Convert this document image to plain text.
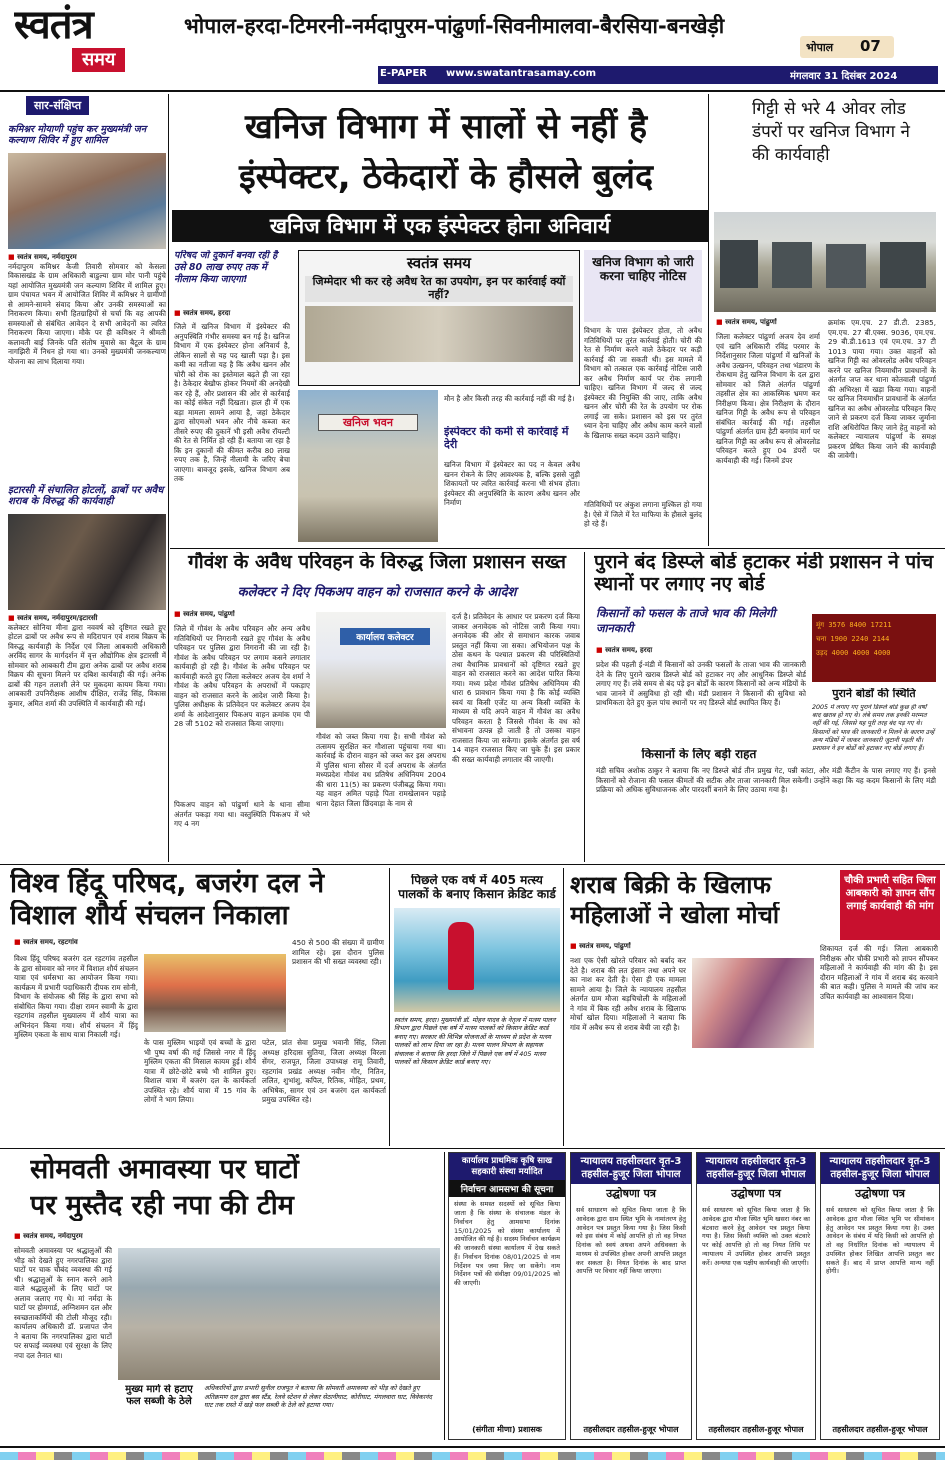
स्वतंत्र
समय
भोपाल-हरदा-टिमरनी-नर्मदापुरम-पांढुर्णा-सिवनीमालवा-बैरसिया-बनखेड़ी
भोपाल 07
E-PAPER www.swatantrasamay.com	मंगलवार 31 दिसंबर 2024
सार-संक्षिप्त
कमिश्नर मोयाणी पहुंच कर मुख्यमंत्री जन कल्याण शिविर में हुए शामिल
■ स्वतंत्र समय, नर्मदापुरम
नर्मदापुरम कमिश्नर केजी तिवारी सोमवार को केसला विकासखंड के ग्राम अधिकारी बाडुल्या ग्राम मोर पानी पहुंचे यहां आयोजित मुख्यमंत्री जन कल्याण शिविर में शामिल हुए। ग्राम पंचायत भवन में आयोजित शिविर में कमिश्नर ने ग्रामीणों से आमने-सामने संवाद किया और उनकी समस्याओं का निराकरण किया। सभी हितग्राहियों से चर्चा कि वह आपकी समस्याओं से संबंधित आवेदन दे सभी आवेदनों का त्वरित निराकरण किया जाएगा। मौके पर ही कमिश्नर ने श्रीमती कलावती बाई जिनके पति संतोष मुवासे का बैटूल के ग्राम नागझिरी में निधन हो गया था। उनको मुख्यमंत्री जनकल्याण योजना का लाभ दिलाया गया।
इटारसी में संचालित होटलों, ढाबों पर अवैध शराब के विरुद्ध की कार्यवाही
■ स्वतंत्र समय, नर्मदापुरम/इटारसी
कलेक्टर सोनिया मीना द्वारा नववर्ष को दृष्टिगत रखते हुए होटल ढाबों पर अवैध रूप से मदिरापान एवं शराब विक्रय के विरुद्ध कार्यवाही के निर्देश एवं जिला आबकारी अधिकारी अरविंद सागर के मार्गदर्शन में वृत्त औद्योगिक क्षेत्र इटारसी में सोमवार को आबकारी टीम द्वारा अनेक ढाबों पर अवैध शराब विक्रय की सूचना मिलने पर दबिश कार्यवाही की गई। अनेक ढाबों की गहन तलाशी लेने पर मुकदमा कायम किया गया। आबकारी उपनिरीक्षक आशीष दीक्षित, राजेंद्र सिंह, विकास कुमार, अमित शर्मा की उपस्थिति में कार्यवाही की गई।
खनिज विभाग में सालों से नहीं है
इंस्पेक्टर, ठेकेदारों के हौसले बुलंद
खनिज विभाग में एक इंस्पेक्टर होना अनिवार्य
परिषद जो दुकानें बनवा रही है उसे 80 लाख रुपए तक में नीलाम किया जाएगा!
■ स्वतंत्र समय, हरदा
जिले में खनिज विभाग में इंस्पेक्टर की अनुपस्थिति गंभीर समस्या बन गई है। खनिज विभाग में एक इंस्पेक्टर होना अनिवार्य है, लेकिन सालों से यह पद खाली पड़ा है। इस कमी का नतीजा यह है कि अवैध खनन और चोरी को रोक का इस्तेमाल बढ़ते ही जा रहा है। ठेकेदार बेखौफ होकर नियमों की अनदेखी कर रहे हैं, और प्रशासन की ओर से कार्रवाई का कोई संकेत नहीं दिखता। हाल ही में एक बड़ा मामला सामने आया है, जहां ठेकेदार द्वारा सोएमओ भवन और नीचे कब्जा कर तीसरे रुपए की दुकानें भी इसी अवैध रॉयल्टी की रेत से निर्मित हो रही हैं। बताया जा रहा है कि इन दुकानों की कीमत करीब 80 लाख रुपए तक है, जिन्हें नीलामी के जरिए बेचा जाएगा। बावजूद इसके, खनिज विभाग अब तक
स्वतंत्र समय
जिम्मेदार भी कर रहे अवैध रेत का उपयोग, इन पर कार्रवाई क्यों नहीं?
खनिज भवन
मौन है और किसी तरह की कार्रवाई नहीं की गई है।
इंस्पेक्टर की कमी से कार्रवाई में देरी
खनिज विभाग में इंस्पेक्टर का पद न केवल अवैध खनन रोकने के लिए आवश्यक है, बल्कि इससे जुड़ी शिकायतों पर त्वरित कार्रवाई करना भी संभव होता। इंस्पेक्टर की अनुपस्थिति के कारण अवैध खनन और निर्माण
खनिज विभाग को जारी करना चाहिए नोटिस
विभाग के पास इंस्पेक्टर होता, तो अवैध गतिविधियों पर तुरंत कार्रवाई होती। चोरी की रेत से निर्माण करने वाले ठेकेदार पर कड़ी कार्रवाई की जा सकती थी। इस मामले में विभाग को तत्काल एक कार्रवाई नोटिस जारी कर अवैध निर्माण कार्य पर रोक लगानी चाहिए। खनिज विभाग में जल्द से जल्द इंस्पेक्टर की नियुक्ति की जाए, ताकि अवैध खनन और चोरी की रेत के उपयोग पर रोक लगाई जा सके। प्रशासन को इस पर तुरंत ध्यान देना चाहिए और अवैध काम करने वालों के खिलाफ सख्त कदम उठाने चाहिए।
गतिविधियों पर अंकुश लगाना मुश्किल हो गया है। ऐसे में जिले में रेत माफिया के हौसले बुलंद हो रहे हैं।
गिट्टी से भरे 4 ओवर लोड डंपरों पर खनिज विभाग ने की कार्यवाही
■ स्वतंत्र समय, पांढुर्णा
जिला कलेक्टर पांढुर्णा अजय देव शर्मा एवं खनि अधिकारी रविंद्र परमार के निर्देशानुसार जिला पांढुर्णा में खनिजों के अवैध उत्खनन, परिवहन तथा भंडारण के रोकथाम हेतु खनिज विभाग के दल द्वारा सोमवार को जिले अंतर्गत पांढुर्णा तहसील क्षेत्र का आकस्मिक भ्रमण कर निरीक्षण किया। क्षेत्र निरीक्षण के दौरान खनिज गिट्टी के अवैध रूप से परिवहन संबंधित कार्रवाई की गई। तहसील पांढुर्णा अंतर्गत ग्राम हेटी बनगांव मार्ग पर खनिज गिट्टी का अवैध रूप से ओवरलोड परिवहन करते हुए 04 डंपरों पर कार्यवाही की गई। जिनमें डंपर
क्रमांक एम.एच. 27 डी.टी. 2385, एम.एच. 27 बी.एक्स. 9036, एम.एच. 29 बी.डी.1613 एवं एम.एच. 37 टी 1013 पाया गया। उक्त वाहनों को खनिज गिट्टी का ओवरलोड अवैध परिवहन करने पर खनिज नियमाधीन प्रावधानों के अंतर्गत जप्त कर थाना कोतवाली पांढुर्णा की अभिरक्षा में खड़ा किया गया। वाहनों पर खनिज नियमाधीन प्रावधानों के अंतर्गत खनिज का अवैध ओवरलोड परिवहन किए जाने से प्रकरण दर्ज किया जाकर जुर्माना राशि अधिरोपित किए जाने हेतु वाहनों को कलेक्टर न्यायालय पांढुर्णा के समक्ष प्रकरण प्रेषित किया जाने की कार्यवाही की जावेगी।
गौवंश के अवैध परिवहन के विरुद्ध जिला प्रशासन सख्त
कलेक्टर ने दिए पिकअप वाहन को राजसात करने के आदेश
■ स्वतंत्र समय, पांढुर्णा
जिले में गौवंश के अवैध परिवहन और अन्य अवैध गतिविधियों पर निगरानी रखते हुए गौवंश के अवैध परिवहन पर पुलिस द्वारा निगरानी की जा रही है। गौवंश के अवैध परिवहन पर लगाम कसने लगातार कार्यवाही हो रही है। गौवंश के अवैध परिवहन पर कार्यवाही करते हुए जिला कलेक्टर अजय देव शर्मा ने गौवंश के अवैध परिवहन के अपराधों में पकड़ाए वाहन को राजसात करने के आदेश जारी किया है। पुलिस अधीक्षक के प्रतिवेदन पर कलेक्टर अजय देव शर्मा के आदेशानुसार पिकअप वाहन क्रमांक एम पी 28 जी 5102 को राजसात किया जाएगा।
पिकअप वाहन को पांढुर्णा थाने के थाना सीमा अंतर्गत पकड़ा गया था। वस्तुस्थिति पिकअप में भरे गए 4 नग
कार्यालय कलेक्टर
गौवंश को जब्त किया गया है। सभी गौवंश को तत्समय सुरक्षित कर गौशाला पहुंचाया गया था। कार्रवाई के दौरान वाहन को जब्त कर इस अपराध में पुलिस थाना सौसर में दर्ज अपराध के अंतर्गत मध्यप्रदेश गौवंश वध प्रतिषेध अधिनियम 2004 की धारा 11(5) का प्रकरण पंजीबद्ध किया गया। यह वाहन अमित पहाड़े पिता रामखेलावन पहाड़े थाना देहात जिला छिंदवाड़ा के नाम से
दर्ज है। प्रतिवेदन के आधार पर प्रकरण दर्ज किया जाकर अनावेदक को नोटिस जारी किया गया। अनावेदक की ओर से समाधान कारक जवाब प्रस्तुत नहीं किया जा सका। अभियोजन पक्ष के ठोस कथन के पश्चात प्रकरण की परिस्थितियों तथा वैधानिक प्रावधानों को दृष्टिगत रखते हुए वाहन को राजसात करने का आदेश पारित किया गया। मध्य प्रदेश गौवंश प्रतिषेध अधिनियम की धारा 6 प्रावधान किया गया है कि कोई व्यक्ति स्वयं या किसी एजेंट या अन्य किसी व्यक्ति के माध्यम से यदि अपने वाहन में गौवंश का अवैध परिवहन करता है जिससे गौवंश के वध को संभावना उत्पन्न हो जाती है तो उसका वाहन राजसात किया जा सकेगा। इसके अंतर्गत इस वर्ष 14 वाहन राजसात किए जा चुके हैं। इस प्रकार की सख्त कार्यवाही लगातार की जाएगी।
पुराने बंद डिस्प्ले बोर्ड हटाकर मंडी प्रशासन ने पांच स्थानों पर लगाए नए बोर्ड
किसानों को फसल के ताजे भाव की मिलेगी जानकारी
■ स्वतंत्र समय, हरदा
प्रदेश की पहली ई-मंडी में किसानों को उनकी फसलों के ताजा भाव की जानकारी देने के लिए पुराने खराब डिस्प्ले बोर्ड को हटाकर नए और आधुनिक डिस्प्ले बोर्ड लगाए गए हैं। लंबे समय से बंद पड़े इन बोर्डों के कारण किसानों को अन्य मंडियों के भाव जानने में असुविधा हो रही थी। मंडी प्रशासन ने किसानों की सुविधा को प्राथमिकता देते हुए कुल पांच स्थानों पर नए डिस्प्ले बोर्ड स्थापित किए हैं।
किसानों के लिए बड़ी राहत
मंडी सचिव अशोक ठाकुर ने बताया कि नए डिस्प्ले बोर्ड तीन प्रमुख गेट, पन्नी कांटा, और मंडी कैंटीन के पास लगाए गए हैं। इनसे किसानों को रोजाना की फसल कीमतों की सटीक और ताजा जानकारी मिल सकेगी। उन्होंने कहा कि यह कदम किसानों के लिए मंडी प्रक्रिया को अधिक सुविधाजनक और पारदर्शी बनाने के लिए उठाया गया है।
मूंग 3576 8400 17211
चना 1900 2240 2144
उड़द 4000 4000 4000
पुराने बोर्डों की स्थिति
2005 में लगाए गए पुराने डिस्प्ले बोर्ड कुछ ही वर्षों बाद खराब हो गए थे। लंबे समय तक इनकी मरम्मत नहीं की गई, जिससे यह पूरी तरह बंद पड़ गए थे। किसानों को भाव की जानकारी न मिलने के कारण उन्हें अन्य मंडियों में जाकर जानकारी जुटानी पड़ती थी। प्रशासन ने इन बोर्डों को हटाकर नए बोर्ड लगाए हैं।
विश्व हिंदू परिषद, बजरंग दल ने
विशाल शौर्य संचलन निकाला
■ स्वतंत्र समय, रहटगांव
विश्व हिंदू परिषद बजरंग दल रहटगांव तहसील के द्वारा सोमवार को नगर में विशाल शौर्य संचलन यात्रा एवं धर्मसभा का आयोजन किया गया। कार्यक्रम में प्रभारी पदाधिकारी दीपक राम सोनी, विभाग के संयोजक श्री सिंह के द्वारा सभा को संबोधित किया गया। दीक्षा रामन स्वामी के द्वारा रहटगांव तहसील मुख्यालय में शौर्य यात्रा का अभिनंदन किया गया। शौर्य संचलन में हिंदू मुस्लिम एकता के साथ यात्रा निकाली गई।
450 से 500 की संख्या में ग्रामीण शामिल रहे। इस दौरान पुलिस प्रशासन की भी सख्त व्यवस्था रही।
के पास मुस्लिम भाइयों एवं बच्चों के द्वारा भी पुष्प वर्षा की गई जिससे नगर में हिंदू मुस्लिम एकता की मिसाल कायम हुई। शौर्य यात्रा में छोटे-छोटे बच्चे भी शामिल हुए। विशाल यात्रा में बजरंग दल के कार्यकर्ता उपस्थित रहे। शौर्य यात्रा में 15 गांव के लोगों ने भाग लिया।
पटेल, प्रांत सेवा प्रमुख भवानी सिंह, जिला अध्यक्ष हरिदास सुतिया, जिला अध्यक्ष विरला सेंगर, राजपूत, जिला उपाध्यक्ष रामू तिवारी, रहटगांव प्रखंड अध्यक्ष नवीन गौर, नितिन, ललित, शुभांशु, कपिल, रितिक, मोहित, प्रथम, अभिषेक, सागर एवं उन बजरंग दल कार्यकर्ता प्रमुख उपस्थित रहे।
पिछले एक वर्ष में 405 मत्स्य पालकों के बनाए किसान क्रेडिट कार्ड
स्वतंत्र समय, हरदा। मुख्यमंत्री डॉ. मोहन यादव के नेतृत्व में मत्स्य पालन विभाग द्वारा पिछले एक वर्ष में मत्स्य पालकों को किसान क्रेडिट कार्ड बनाए गए। सरकार की विभिन्न योजनाओं के माध्यम से प्रदेश के मत्स्य पालकों को लाभ दिया जा रहा है। मत्स्य पालन विभाग के सहायक संचालक ने बताया कि हरदा जिले में पिछले एक वर्ष में 405 मत्स्य पालकों को किसान क्रेडिट कार्ड बनाए गए।
शराब बिक्री के खिलाफ
महिलाओं ने खोला मोर्चा
चौकी प्रभारी सहित जिला आबकारी को ज्ञापन सौंप लगाई कार्यवाही की मांग
■ स्वतंत्र समय, पांढुर्णा
नशा एक ऐसी खोरते परिवार को बर्बाद कर देते है। शराब की लत इंसान तथा अपने घर का नाश कर देती है। ऐसा ही एक मामला सामने आया है। जिले के न्यायालय तहसील अंतर्गत ग्राम मौजा बड़चिचोली के महिलाओं ने गांव में बिक रही अवैध शराब के खिलाफ मोर्चा खोल दिया। महिलाओं ने बताया कि गांव में अवैध रूप से शराब बेची जा रही है।
शिकायत दर्ज की गई। जिला आबकारी निरीक्षक और चौकी प्रभारी को ज्ञापन सौंपकर महिलाओं ने कार्यवाही की मांग की है। इस दौरान महिलाओं ने गांव में शराब बंद करवाने की बात कही। पुलिस ने मामले की जांच कर उचित कार्यवाही का आश्वासन दिया।
सोमवती अमावस्या पर घाटों
पर मुस्तैद रही नपा की टीम
■ स्वतंत्र समय, नर्मदापुरम
सोमवती अमावस्या पर श्रद्धालुओं की भीड़ को देखते हुए नगरपालिका द्वारा घाटों पर चाक चौबंद व्यवस्था की गई थी। श्रद्धालुओं के स्नान करने आने वाले श्रद्धालुओं के लिए घाटों पर अलाव जलाए गए थे। मां नर्मदा के घाटों पर होमगार्ड, अग्निशमन दल और स्वच्छताकर्मियों की टोली मौजूद रही। कार्यालय अधिकारी डॉ. प्रजापत जैन ने बताया कि नगरपालिका द्वारा घाटों पर सफाई व्यवस्था एवं सुरक्षा के लिए नपा दल तैनात था।
मुख्य मार्ग से हटाए फल सब्जी के ठेले
अधिकारियों द्वारा प्रभारी सुनील राजपूत ने बताया कि सोमवती अमावस्या को भीड़ को देखते हुए अतिक्रमण दल द्वारा बस स्टैंड, रेलवे स्टेशन से लेकर सेठानीघाट, कोरीघाट, मंगलवारा घाट, विवेकानंद घाट तक रास्ते में खड़े फल सब्जी के ठेले को हटाया गया।
कार्यालय प्राथमिक कृषि साख सहकारी संस्था मर्यादित
निर्वाचन आमसभा की सूचना
संस्था के समस्त सदस्यों को सूचित किया जाता है कि संस्था के संचालक मंडल के निर्वाचन हेतु आमसभा दिनांक 15/01/2025 को संस्था कार्यालय में आयोजित की गई है। सदस्य निर्वाचन कार्यक्रम की जानकारी संस्था कार्यालय में देख सकते हैं। निर्वाचन दिनांक 08/01/2025 से नाम निर्देशन पत्र जमा किए जा सकेंगे। नाम निर्देशन पत्रों की संवीक्षा 09/01/2025 को की जाएगी।
(संगीता मीणा) प्रशासक
न्यायालय तहसीलदार वृत-3 तहसील-हुजूर जिला भोपाल
उद्घोषणा पत्र
सर्व साधारण को सूचित किया जाता है कि आवेदक द्वारा ग्राम स्थित भूमि के नामांतरण हेतु आवेदन पत्र प्रस्तुत किया गया है। जिस किसी को इस संबंध में कोई आपत्ति हो तो वह नियत दिनांक को स्वयं अथवा अपने अधिवक्ता के माध्यम से उपस्थित होकर अपनी आपत्ति प्रस्तुत कर सकता है। नियत दिनांक के बाद प्राप्त आपत्ति पर विचार नहीं किया जाएगा।
तहसीलदार तहसील-हुजूर भोपाल
न्यायालय तहसीलदार वृत-3 तहसील-हुजूर जिला भोपाल
उद्घोषणा पत्र
सर्व साधारण को सूचित किया जाता है कि आवेदक द्वारा मौजा स्थित भूमि खसरा नंबर का बंटवारा करने हेतु आवेदन पत्र प्रस्तुत किया गया है। जिस किसी व्यक्ति को उक्त बंटवारे पर कोई आपत्ति हो तो वह नियत तिथि पर न्यायालय में उपस्थित होकर आपत्ति प्रस्तुत करें। अन्यथा एक पक्षीय कार्यवाही की जाएगी।
तहसीलदार तहसील-हुजूर भोपाल
न्यायालय तहसीलदार वृत-3 तहसील-हुजूर जिला भोपाल
उद्घोषणा पत्र
सर्व साधारण को सूचित किया जाता है कि आवेदक द्वारा मौजा स्थित भूमि पर सीमांकन हेतु आवेदन पत्र प्रस्तुत किया गया है। उक्त आवेदन के संबंध में यदि किसी को आपत्ति हो तो वह निर्धारित दिनांक को न्यायालय में उपस्थित होकर लिखित आपत्ति प्रस्तुत कर सकते हैं। बाद में प्राप्त आपत्ति मान्य नहीं होगी।
तहसीलदार तहसील-हुजूर भोपाल
